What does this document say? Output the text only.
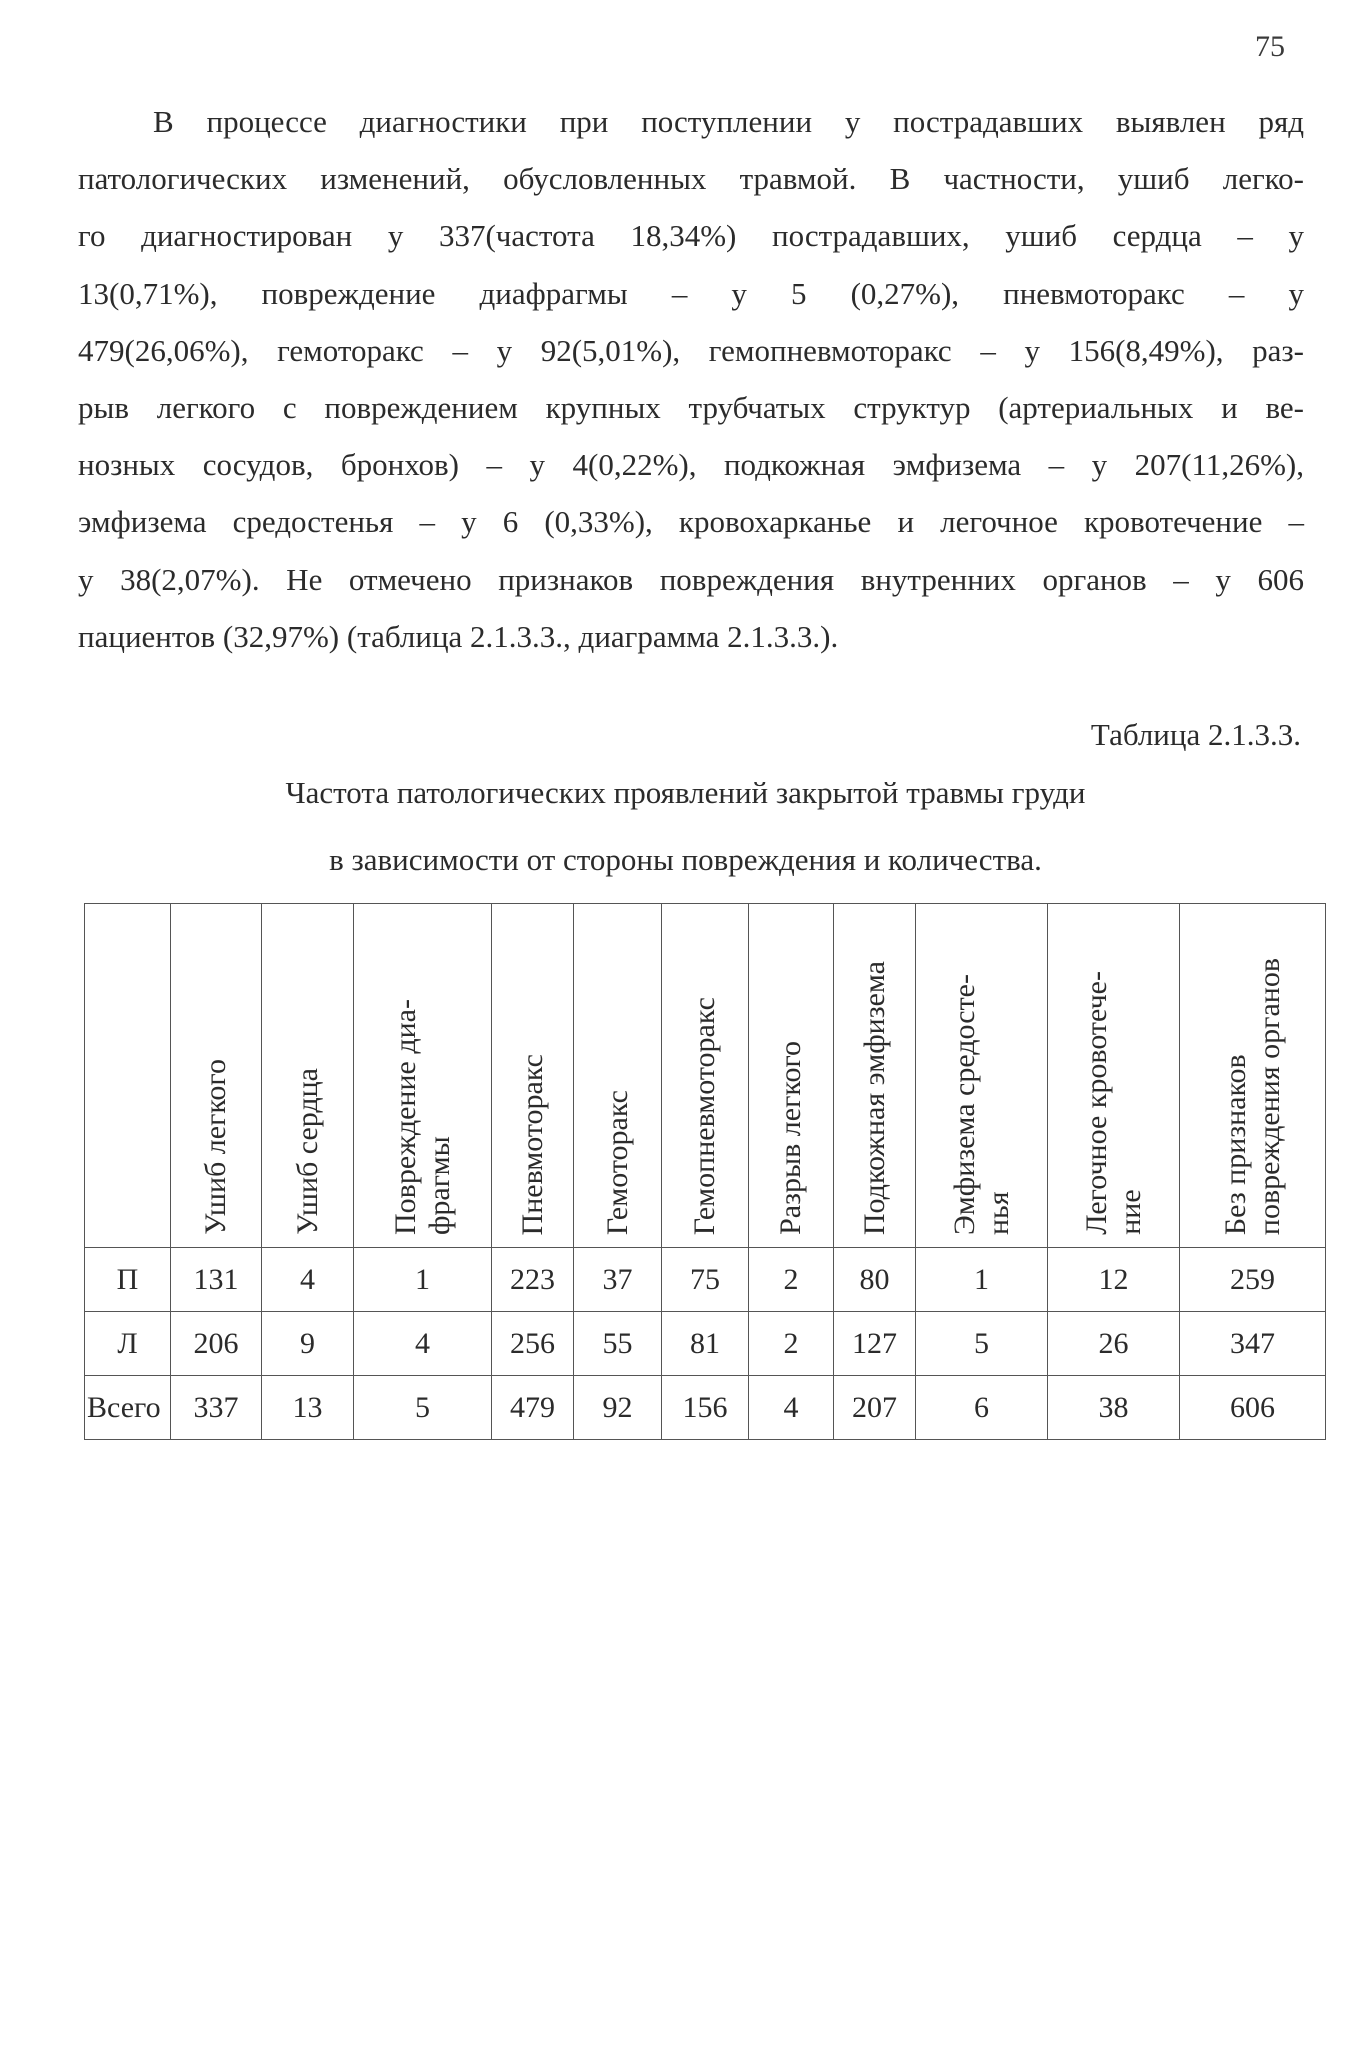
75
В процессе диагностики при поступлении у пострадавших выявлен ряд
патологических изменений, обусловленных травмой. В частности, ушиб легко-
го диагностирован у 337(частота 18,34%) пострадавших, ушиб сердца – у
13(0,71%), повреждение диафрагмы – у 5 (0,27%), пневмоторакс – у
479(26,06%), гемоторакс – у 92(5,01%), гемопневмоторакс – у 156(8,49%), раз-
рыв легкого с повреждением крупных трубчатых структур (артериальных и ве-
нозных сосудов, бронхов) – у 4(0,22%), подкожная эмфизема – у 207(11,26%),
эмфизема средостенья – у 6 (0,33%), кровохарканье и легочное кровотечение –
у 38(2,07%). Не отмечено признаков повреждения внутренних органов – у 606
пациентов (32,97%) (таблица 2.1.3.3., диаграмма 2.1.3.3.).
Таблица 2.1.3.3.
Частота патологических проявлений закрытой травмы груди
в зависимости от стороны повреждения и количества.

	Ушиб легкого	Ушиб сердца	Повреждение диа- фрагмы	Пневмоторакс	Гемоторакс	Гемопневмоторакс	Разрыв легкого	Подкожная эмфизема	Эмфизема средосте- нья	Легочное кровотече- ние	Без признаков повреждения органов

П	131	4	1	223	37	75	2	80	1	12	259
Л	206	9	4	256	55	81	2	127	5	26	347
Всего	337	13	5	479	92	156	4	207	6	38	606
